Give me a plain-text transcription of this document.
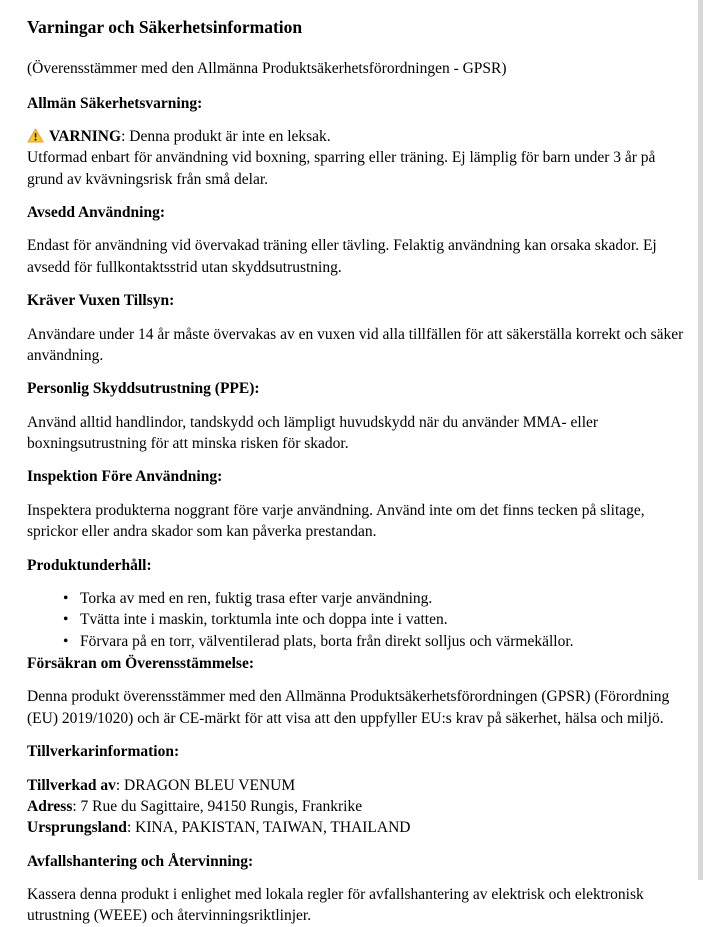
Varningar och Säkerhetsinformation

(Överensstämmer med den Allmänna Produktsäkerhetsförordningen - GPSR)

Allmän Säkerhetsvarning:

VARNING: Denna produkt är inte en leksak.

Utformad enbart för användning vid boxning, sparring eller träning. Ej lämplig för barn under 3 år på grund av kvävningsrisk från små delar.

Avsedd Användning:

Endast för användning vid övervakad träning eller tävling. Felaktig användning kan orsaka skador. Ej avsedd för fullkontaktsstrid utan skyddsutrustning.

Kräver Vuxen Tillsyn:

Användare under 14 år måste övervakas av en vuxen vid alla tillfällen för att säkerställa korrekt och säker användning.

Personlig Skyddsutrustning (PPE):

Använd alltid handlindor, tandskydd och lämpligt huvudskydd när du använder MMA- eller boxningsutrustning för att minska risken för skador.

Inspektion Före Användning:

Inspektera produkterna noggrant före varje användning. Använd inte om det finns tecken på slitage, sprickor eller andra skador som kan påverka prestandan.

Produktunderhåll:
• Torka av med en ren, fuktig trasa efter varje användning.
• Tvätta inte i maskin, torktumla inte och doppa inte i vatten.
• Förvara på en torr, välventilerad plats, borta från direkt solljus och värmekällor.
Försäkran om Överensstämmelse:

Denna produkt överensstämmer med den Allmänna Produktsäkerhetsförordningen (GPSR) (Förordning (EU) 2019/1020) och är CE-märkt för att visa att den uppfyller EU:s krav på säkerhet, hälsa och miljö.

Tillverkarinformation:

Tillverkad av: DRAGON BLEU VENUM

Adress: 7 Rue du Sagittaire, 94150 Rungis, Frankrike

Ursprungsland: KINA, PAKISTAN, TAIWAN, THAILAND

Avfallshantering och Återvinning:

Kassera denna produkt i enlighet med lokala regler för avfallshantering av elektrisk och elektronisk utrustning (WEEE) och återvinningsriktlinjer.
